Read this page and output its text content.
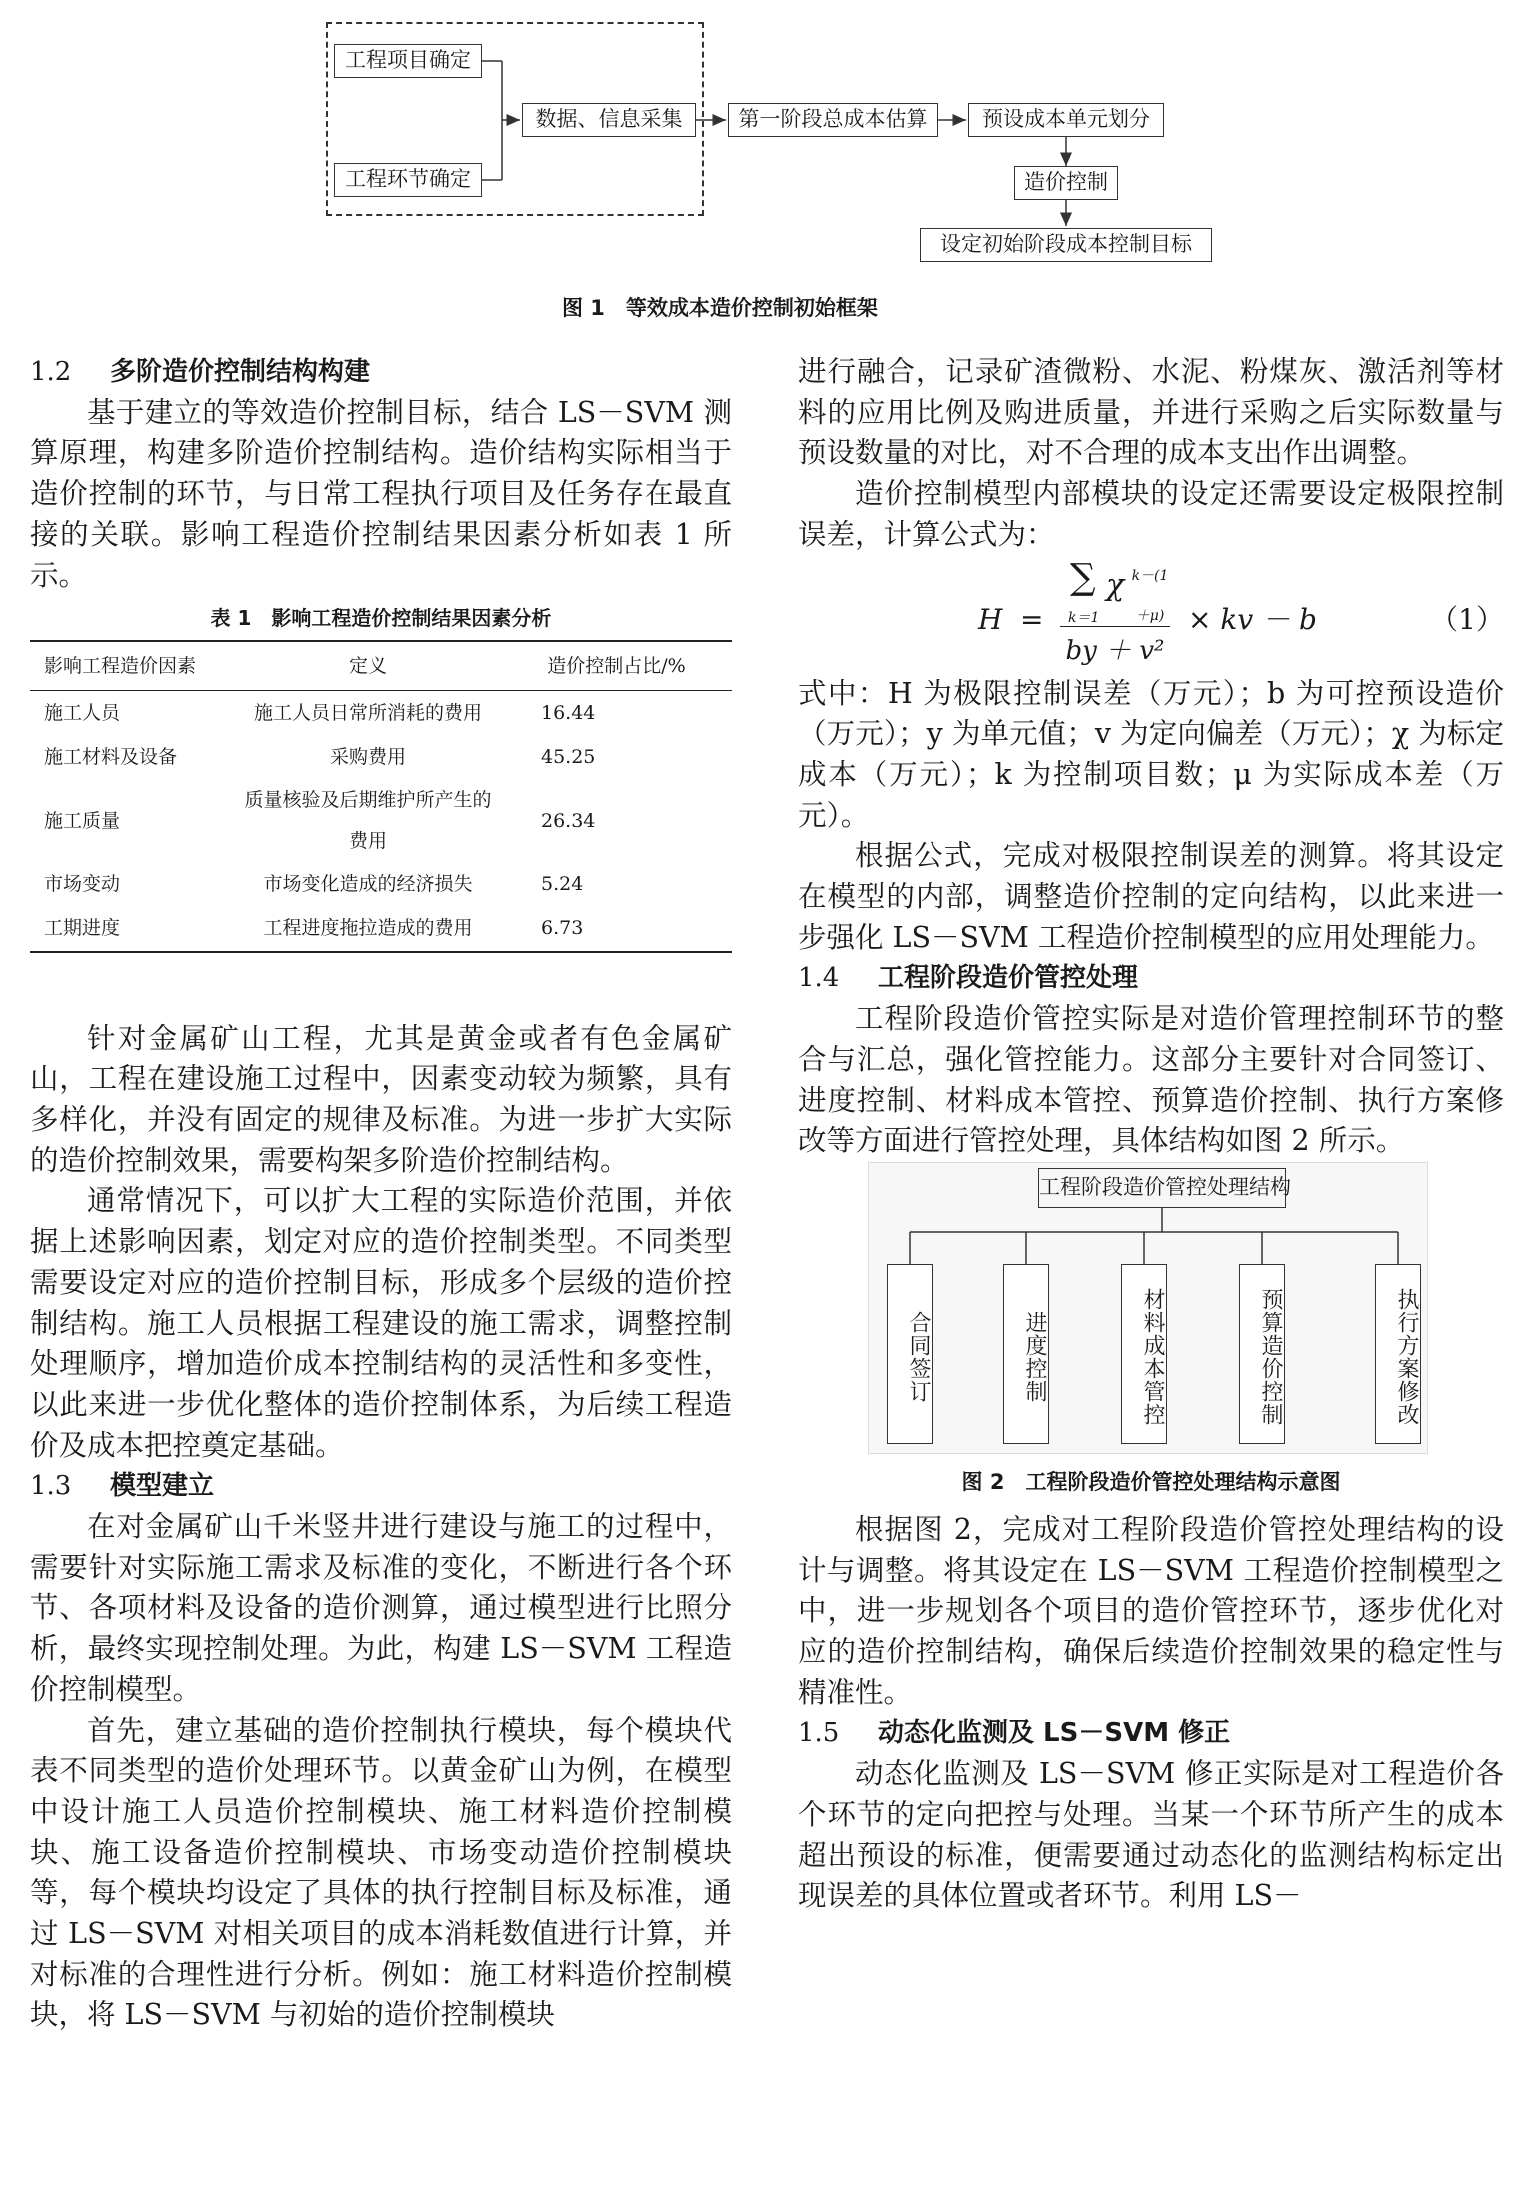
工程项目确定
工程环节确定
数据、信息采集	第一阶段总成本估算	预设成本单元划分
造价控制
设定初始阶段成本控制目标
图 1　等效成本造价控制初始框架
1.2 多阶造价控制结构构建

基于建立的等效造价控制目标，结合 LS－SVM 测算原理，构建多阶造价控制结构。造价结构实际相当于造价控制的环节，与日常工程执行项目及任务存在最直接的关联。影响工程造价控制结果因素分析如表 1 所示。

表 1　影响工程造价控制结果因素分析
影响工程造价因素	定义	造价控制占比/%
施工人员	施工人员日常所消耗的费用	16.44
施工材料及设备	采购费用	45.25
施工质量	质量核验及后期维护所产生的费用	26.34
市场变动	市场变化造成的经济损失	5.24
工期进度	工程进度拖拉造成的费用	6.73

针对金属矿山工程，尤其是黄金或者有色金属矿山，工程在建设施工过程中，因素变动较为频繁，具有多样化，并没有固定的规律及标准。为进一步扩大实际的造价控制效果，需要构架多阶造价控制结构。

通常情况下，可以扩大工程的实际造价范围，并依据上述影响因素，划定对应的造价控制类型。不同类型需要设定对应的造价控制目标，形成多个层级的造价控制结构。施工人员根据工程建设的施工需求，调整控制处理顺序，增加造价成本控制结构的灵活性和多变性，以此来进一步优化整体的造价控制体系，为后续工程造价及成本把控奠定基础。

1.3 模型建立

在对金属矿山千米竖井进行建设与施工的过程中，需要针对实际施工需求及标准的变化，不断进行各个环节、各项材料及设备的造价测算，通过模型进行比照分析，最终实现控制处理。为此，构建 LS－SVM 工程造价控制模型。

首先，建立基础的造价控制执行模块，每个模块代表不同类型的造价处理环节。以黄金矿山为例，在模型中设计施工人员造价控制模块、施工材料造价控制模块、施工设备造价控制模块、市场变动造价控制模块等，每个模块均设定了具体的执行控制目标及标准，通过 LS－SVM 对相关项目的成本消耗数值进行计算，并对标准的合理性进行分析。例如：施工材料造价控制模块，将 LS－SVM 与初始的造价控制模块

进行融合，记录矿渣微粉、水泥、粉煤灰、激活剂等材料的应用比例及购进质量，并进行采购之后实际数量与预设数量的对比，对不合理的成本支出作出调整。

造价控制模型内部模块的设定还需要设定极限控制误差，计算公式为：

H =
∑ χ k－(1＋μ)
k＝1
by ＋ v²
× kv － b	（1）

式中：H 为极限控制误差（万元）；b 为可控预设造价（万元）；y 为单元值；v 为定向偏差（万元）；χ 为标定成本（万元）；k 为控制项目数；μ 为实际成本差（万元）。

根据公式，完成对极限控制误差的测算。将其设定在模型的内部，调整造价控制的定向结构，以此来进一步强化 LS－SVM 工程造价控制模型的应用处理能力。

1.4 工程阶段造价管控处理

工程阶段造价管控实际是对造价管理控制环节的整合与汇总，强化管控能力。这部分主要针对合同签订、进度控制、材料成本管控、预算造价控制、执行方案修改等方面进行管控处理，具体结构如图 2 所示。

工程阶段造价管控处理结构
合同签订	进度控制	材料成本管控	预算造价控制	执行方案修改
图 2　工程阶段造价管控处理结构示意图

根据图 2，完成对工程阶段造价管控处理结构的设计与调整。将其设定在 LS－SVM 工程造价控制模型之中，进一步规划各个项目的造价管控环节，逐步优化对应的造价控制结构，确保后续造价控制效果的稳定性与精准性。

1.5 动态化监测及 LS－SVM 修正

动态化监测及 LS－SVM 修正实际是对工程造价各个环节的定向把控与处理。当某一个环节所产生的成本超出预设的标准，便需要通过动态化的监测结构标定出现误差的具体位置或者环节。利用 LS－
